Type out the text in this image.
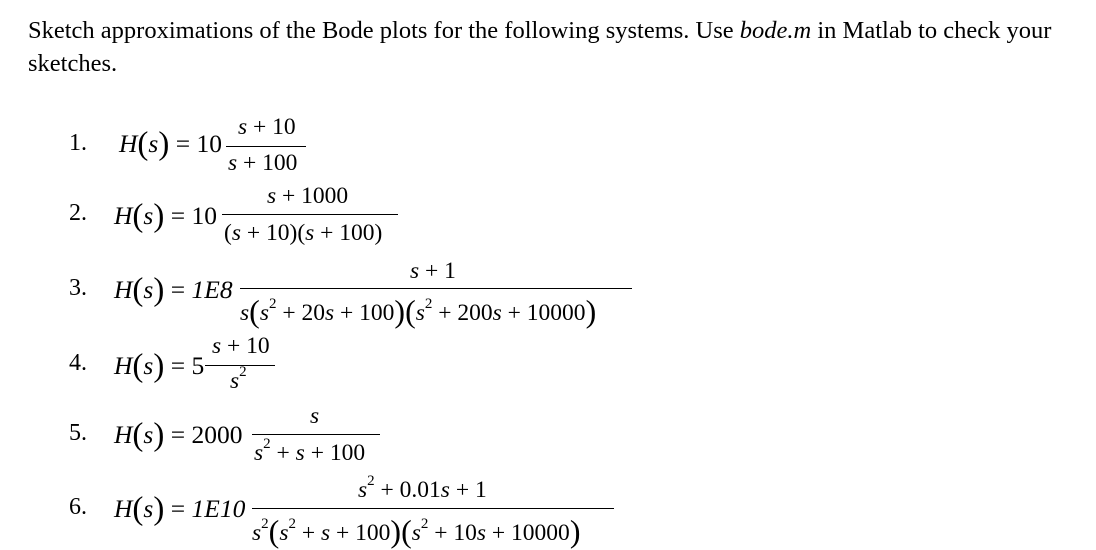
Sketch approximations of the Bode plots for the following systems. Use bode.m in Matlab to check your sketches.
1. H(s) = 10
s + 10
s + 100
2. H(s) = 10
s + 1000
(s + 10)(s + 100)
3. H(s) = 1E8
s + 1
$s(s^2 + 20s + 100)(s^2 + 200s + 10000)$
4. H(s) = 5
s + 10
$s^2$
5. H(s) = 2000
s
$s^2 + s + 100$
6. H(s) = 1E10
$s^2 + 0.01s + 1$
$s^2(s^2 + s + 100)(s^2 + 10s + 10000)$
